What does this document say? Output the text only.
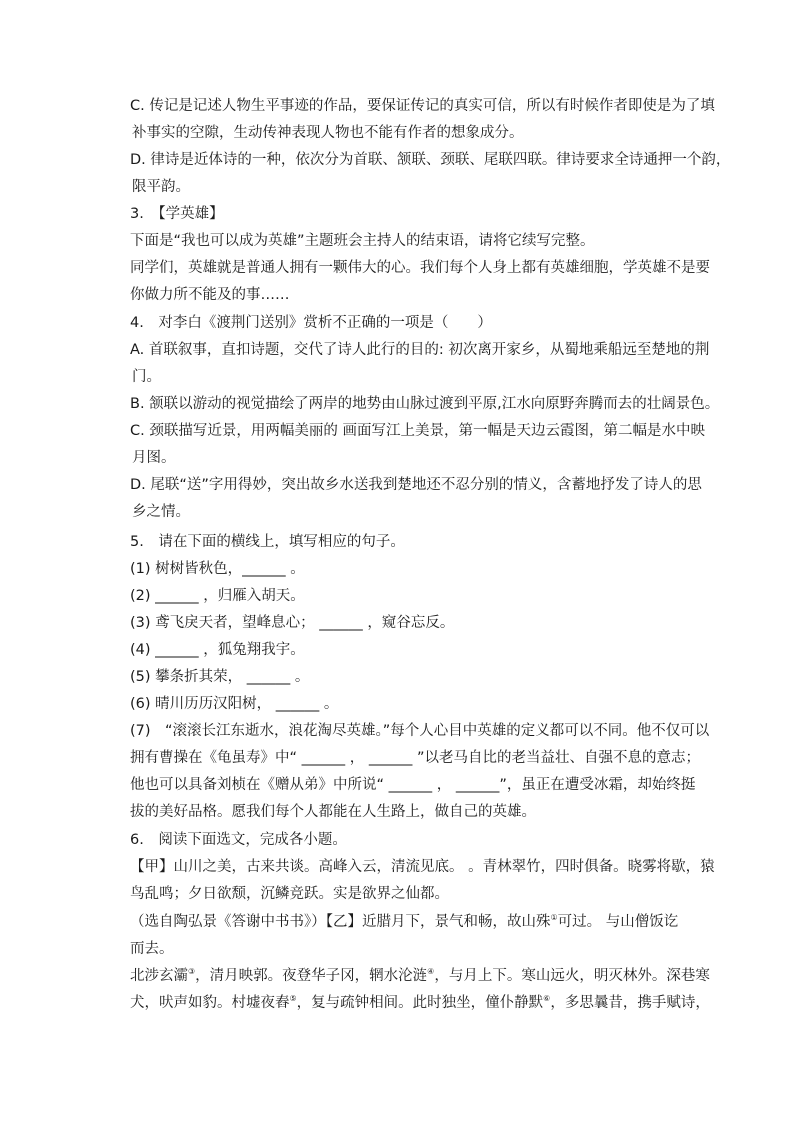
C. 传记是记述人物生平事迹的作品，要保证传记的真实可信，所以有时候作者即使是为了填
补事实的空隙，生动传神表现人物也不能有作者的想象成分。
D. 律诗是近体诗的一种，依次分为首联、颔联、颈联、尾联四联。律诗要求全诗通押一个韵，
限平韵。
3.　【学英雄】
下面是“我也可以成为英雄”主题班会主持人的结束语，请将它续写完整。
同学们，英雄就是普通人拥有一颗伟大的心。我们每个人身上都有英雄细胞，学英雄不是要
你做力所不能及的事……
4.　对李白《渡荆门送别》赏析不正确的一项是（　　）
A. 首联叙事，直扣诗题，交代了诗人此行的目的: 初次离开家乡，从蜀地乘船远至楚地的荆
门。
B. 颔联以游动的视觉描绘了两岸的地势由山脉过渡到平原,江水向原野奔腾而去的壮阔景色。
C. 颈联描写近景，用两幅美丽的 画面写江上美景，第一幅是天边云霞图，第二幅是水中映
月图。
D. 尾联“送”字用得妙，突出故乡水送我到楚地还不忍分别的情义，含蓄地抒发了诗人的思
乡之情。
5.　请在下面的横线上，填写相应的句子。
(1) 树树皆秋色，______ 。
(2) ______ ，归雁入胡天。
(3) 鸢飞戾天者，望峰息心； ______ ，窥谷忘反。
(4) ______ ，狐兔翔我宇。
(5) 攀条折其荣， ______ 。
(6) 晴川历历汉阳树， ______ 。
(7)　“滚滚长江东逝水，浪花淘尽英雄。”每个人心目中英雄的定义都可以不同。他不仅可以
拥有曹操在《龟虽寿》中“ ______ ， ______ ”以老马自比的老当益壮、自强不息的意志；
他也可以具备刘桢在《赠从弟》中所说“ ______ ， ______”，虽正在遭受冰霜，却始终挺
拔的美好品格。愿我们每个人都能在人生路上，做自己的英雄。
6.　阅读下面选文，完成各小题。
【甲】山川之美，古来共谈。高峰入云，清流见底。 。青林翠竹，四时俱备。晓雾将歇，猿
鸟乱鸣；夕日欲颓，沉鳞竞跃。实是欲界之仙都。
（选自陶弘景《答谢中书书》）【乙】近腊月下，景气和畅，故山殊①可过。 与山僧饭讫
而去。
北涉玄灞③，清月映郭。夜登华子冈，辋水沦涟④，与月上下。寒山远火，明灭林外。深巷寒
犬，吠声如豹。村墟夜舂⑤，复与疏钟相间。此时独坐，僮仆静默⑥，多思曩昔，携手赋诗，
